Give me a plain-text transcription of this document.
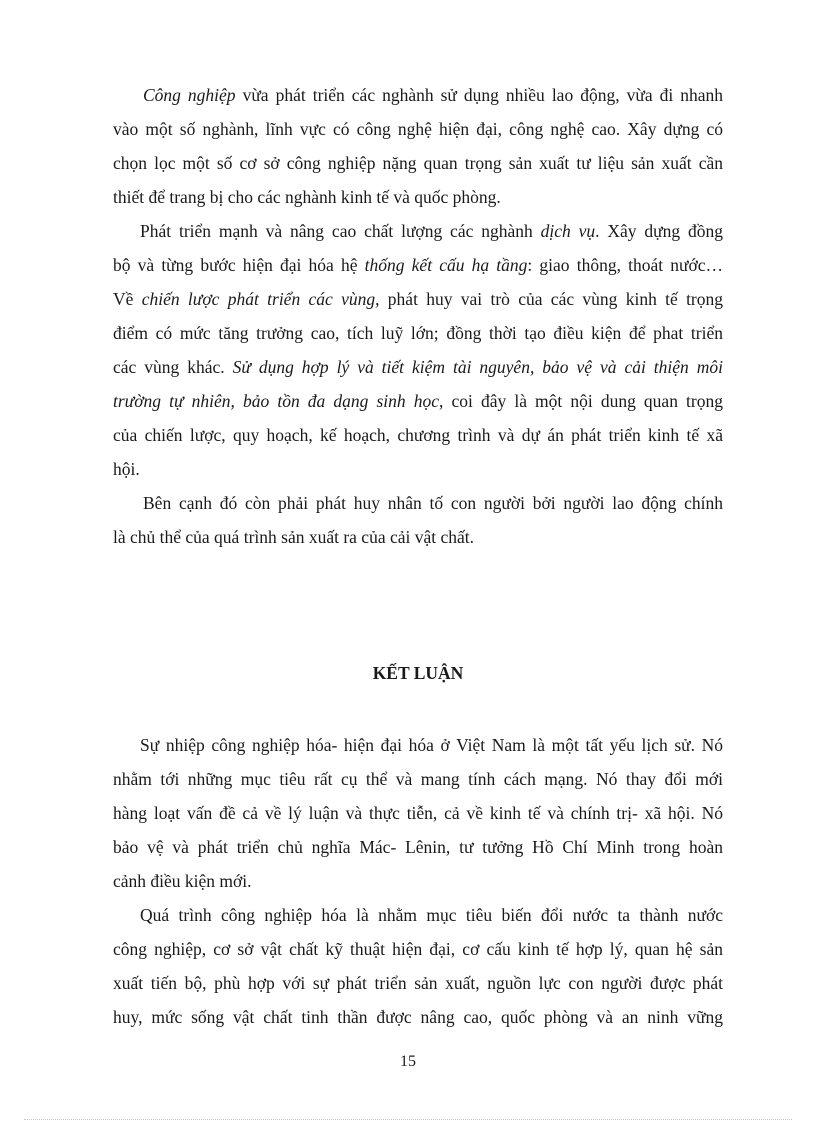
Công nghiệp vừa phát triển các nghành sử dụng nhiều lao động, vừa đi nhanh
vào một số nghành, lĩnh vực có công nghệ hiện đại, công nghệ cao. Xây dựng có
chọn lọc một số cơ sở công nghiệp nặng quan trọng sản xuất tư liệu sản xuất cần
thiết để trang bị cho các nghành kinh tế và quốc phòng.
Phát triển mạnh và nâng cao chất lượng các nghành dịch vụ. Xây dựng đồng
bộ và từng bước hiện đại hóa hệ thống kết cấu hạ tầng: giao thông, thoát nước…
Về chiến lược phát triển các vùng, phát huy vai trò của các vùng kinh tế trọng
điểm có mức tăng trưởng cao, tích luỹ lớn; đồng thời tạo điều kiện để phat triển
các vùng khác. Sử dụng hợp lý và tiết kiệm tài nguyên, bảo vệ và cải thiện môi
trường tự nhiên, bảo tồn đa dạng sinh học, coi đây là một nội dung quan trọng
của chiến lược, quy hoạch, kế hoạch, chương trình và dự án phát triển kinh tế xã
hội.
Bên cạnh đó còn phải phát huy nhân tố con người bởi người lao động chính
là chủ thể của quá trình sản xuất ra của cải vật chất.
KẾT LUẬN
Sự nhiệp công nghiệp hóa- hiện đại hóa ở Việt Nam là một tất yếu lịch sử. Nó
nhằm tới những mục tiêu rất cụ thể và mang tính cách mạng. Nó thay đổi mới
hàng loạt vấn đề cả về lý luận và thực tiễn, cả về kinh tế và chính trị- xã hội. Nó
bảo vệ và phát triển chủ nghĩa Mác- Lênin, tư tưởng Hồ Chí Minh trong hoàn
cảnh điều kiện mới.
Quá trình công nghiệp hóa là nhằm mục tiêu biến đổi nước ta thành nước
công nghiệp, cơ sở vật chất kỹ thuật hiện đại, cơ cấu kinh tế hợp lý, quan hệ sản
xuất tiến bộ, phù hợp với sự phát triển sản xuất, nguồn lực con người được phát
huy, mức sống vật chất tinh thần được nâng cao, quốc phòng và an ninh vững
15
